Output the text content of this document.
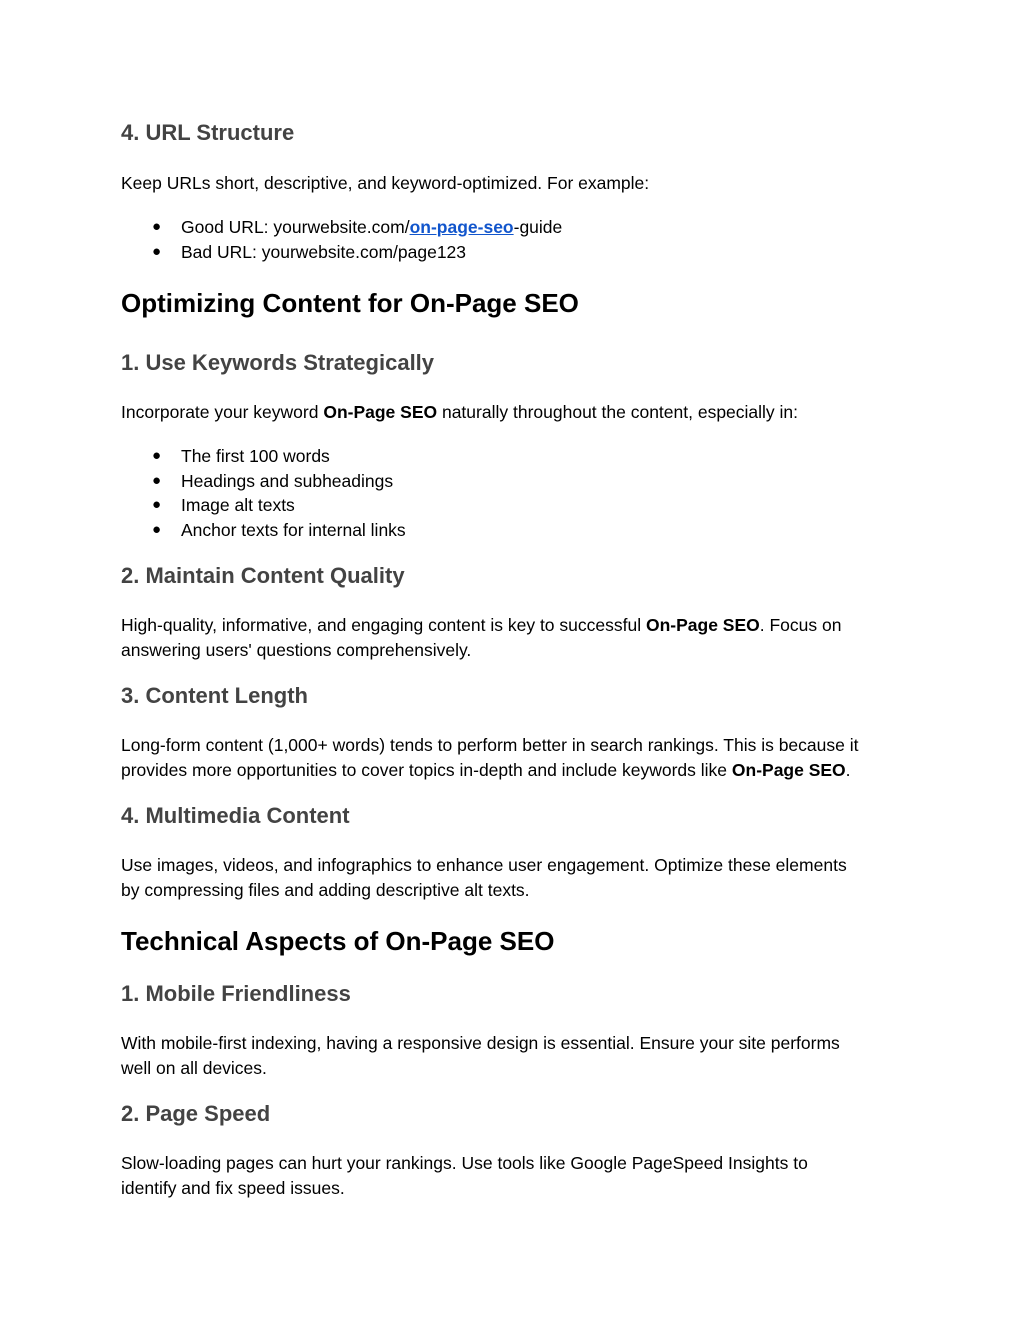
4. URL Structure

Keep URLs short, descriptive, and keyword-optimized. For example:

● Good URL: yourwebsite.com/on-page-seo-guide
● Bad URL: yourwebsite.com/page123
Optimizing Content for On-Page SEO
1. Use Keywords Strategically

Incorporate your keyword On-Page SEO naturally throughout the content, especially in:

● The first 100 words
● Headings and subheadings
● Image alt texts
● Anchor texts for internal links
2. Maintain Content Quality

High-quality, informative, and engaging content is key to successful On-Page SEO. Focus on
answering users' questions comprehensively.

3. Content Length

Long-form content (1,000+ words) tends to perform better in search rankings. This is because it
provides more opportunities to cover topics in-depth and include keywords like On-Page SEO.

4. Multimedia Content

Use images, videos, and infographics to enhance user engagement. Optimize these elements
by compressing files and adding descriptive alt texts.

Technical Aspects of On-Page SEO
1. Mobile Friendliness

With mobile-first indexing, having a responsive design is essential. Ensure your site performs
well on all devices.

2. Page Speed

Slow-loading pages can hurt your rankings. Use tools like Google PageSpeed Insights to
identify and fix speed issues.
